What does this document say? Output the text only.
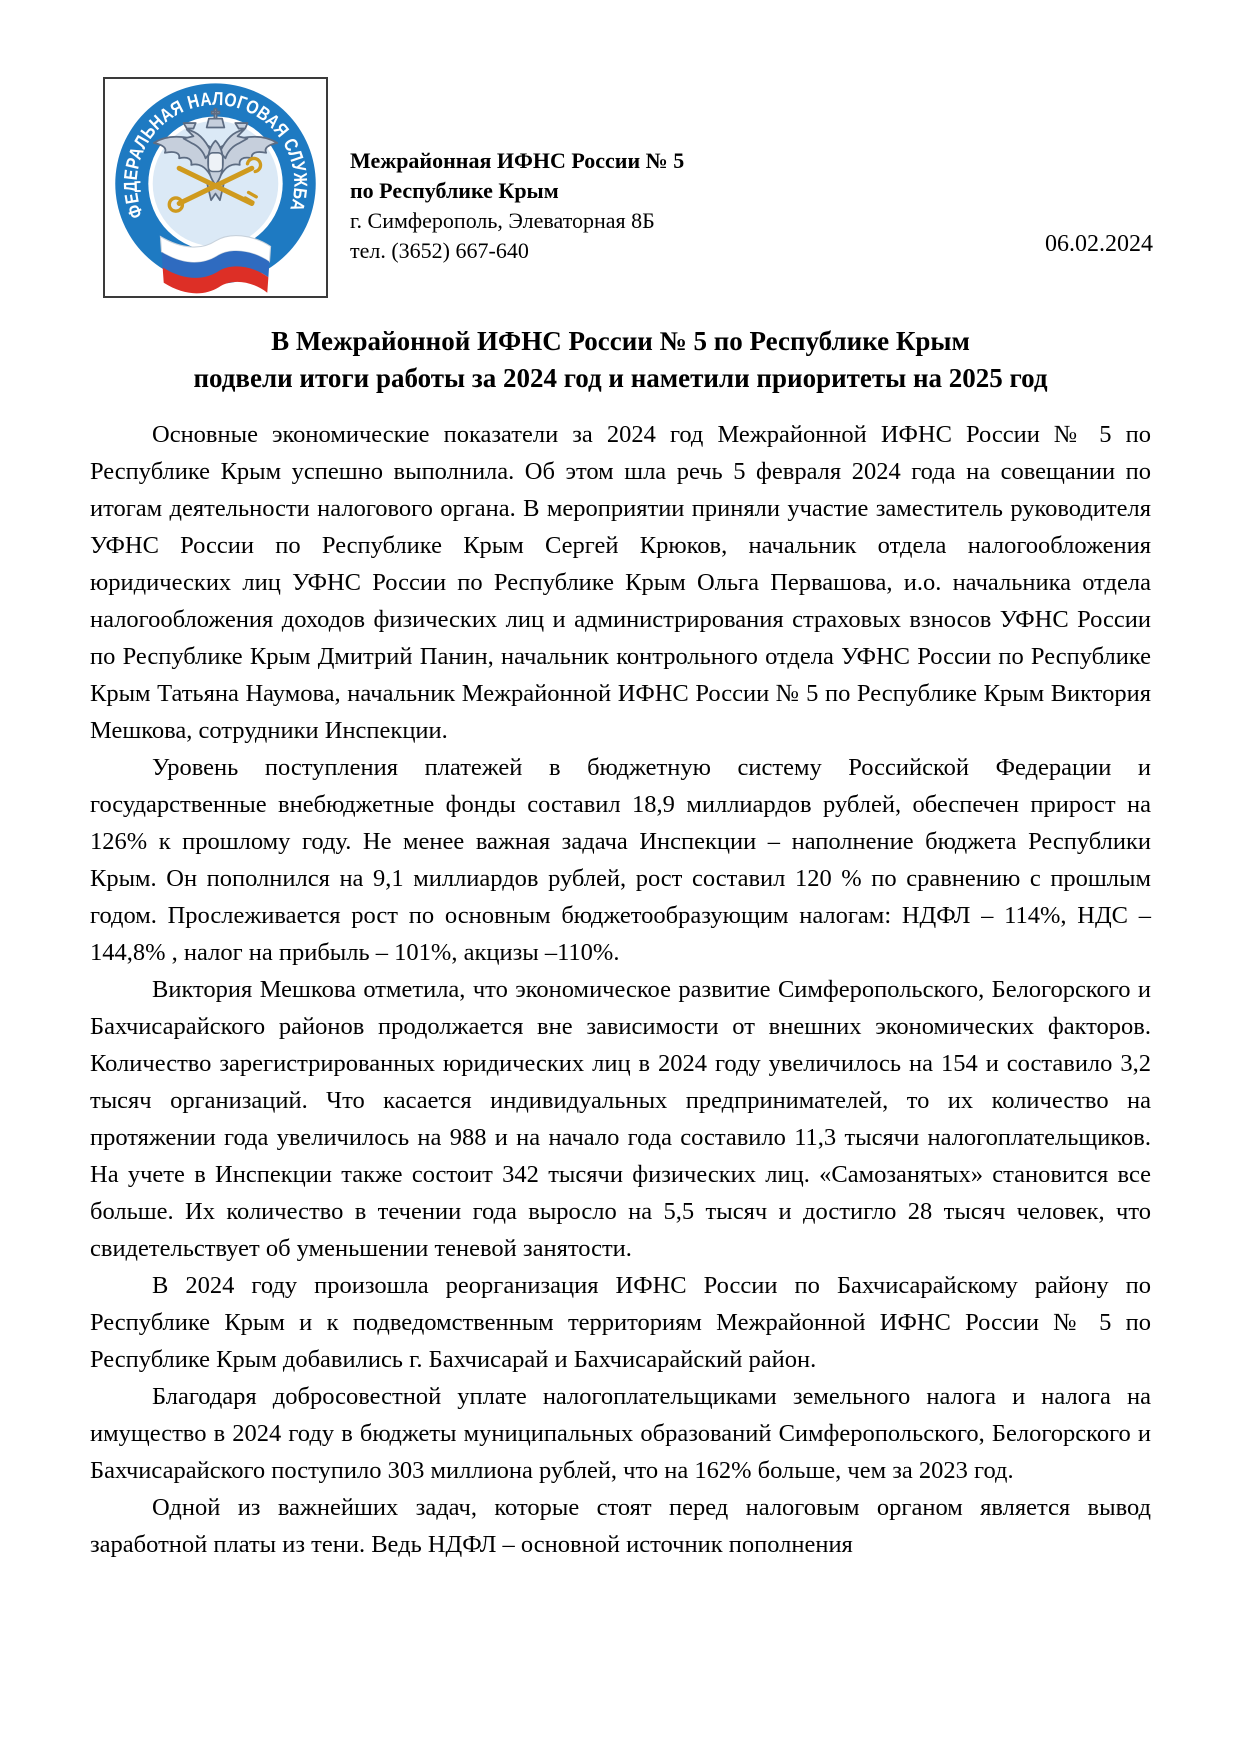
ФЕДЕРАЛЬНАЯ НАЛОГОВАЯ СЛУЖБА
Межрайонная ИФНС России № 5
по Республике Крым
г. Симферополь, Элеваторная 8Б
тел. (3652) 667-640	06.02.2024
В Межрайонной ИФНС России № 5 по Республике Крым
подвели итоги работы за 2024 год и наметили приоритеты на 2025 год

Основные экономические показатели за 2024 год Межрайонной ИФНС России № 5 по Республике Крым успешно выполнила. Об этом шла речь 5 февраля 2024 года на совещании по итогам деятельности налогового органа. В мероприятии приняли участие заместитель руководителя УФНС России по Республике Крым Сергей Крюков, начальник отдела налогообложения юридических лиц УФНС России по Республике Крым Ольга Первашова, и.о. начальника отдела налогообложения доходов физических лиц и администрирования страховых взносов УФНС России по Республике Крым Дмитрий Панин, начальник контрольного отдела УФНС России по Республике Крым Татьяна Наумова, начальник Межрайонной ИФНС России № 5 по Республике Крым Виктория Мешкова, сотрудники Инспекции.

Уровень поступления платежей в бюджетную систему Российской Федерации и государственные внебюджетные фонды составил 18,9 миллиардов рублей, обеспечен прирост на 126% к прошлому году. Не менее важная задача Инспекции – наполнение бюджета Республики Крым. Он пополнился на 9,1 миллиардов рублей, рост составил 120 % по сравнению с прошлым годом. Прослеживается рост по основным бюджетообразующим налогам: НДФЛ – 114%, НДС – 144,8% , налог на прибыль – 101%, акцизы –110%.

Виктория Мешкова отметила, что экономическое развитие Симферопольского, Белогорского и Бахчисарайского районов продолжается вне зависимости от внешних экономических факторов. Количество зарегистрированных юридических лиц в 2024 году увеличилось на 154 и составило 3,2 тысяч организаций. Что касается индивидуальных предпринимателей, то их количество на протяжении года увеличилось на 988 и на начало года составило 11,3 тысячи налогоплательщиков. На учете в Инспекции также состоит 342 тысячи физических лиц. «Самозанятых» становится все больше. Их количество в течении года выросло на 5,5 тысяч и достигло 28 тысяч человек, что свидетельствует об уменьшении теневой занятости.

В 2024 году произошла реорганизация ИФНС России по Бахчисарайскому району по Республике Крым и к подведомственным территориям Межрайонной ИФНС России № 5 по Республике Крым добавились г. Бахчисарай и Бахчисарайский район.

Благодаря добросовестной уплате налогоплательщиками земельного налога и налога на имущество в 2024 году в бюджеты муниципальных образований Симферопольского, Белогорского и Бахчисарайского поступило 303 миллиона рублей, что на 162% больше, чем за 2023 год.

Одной из важнейших задач, которые стоят перед налоговым органом является вывод заработной платы из тени. Ведь НДФЛ – основной источник пополнения
